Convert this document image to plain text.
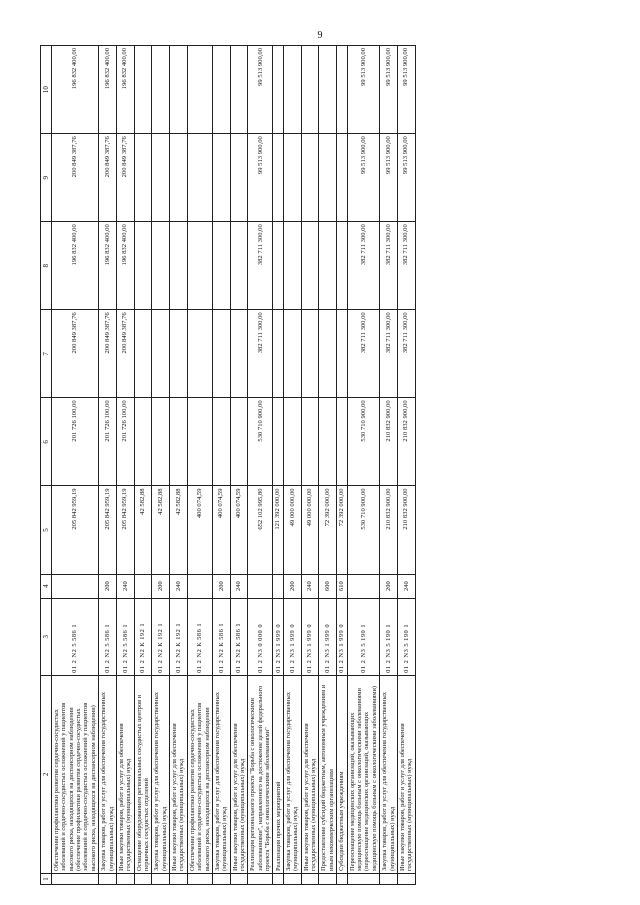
9
1	2	3	4	5	6	7	8	9	10
	Обеспечение профилактики развития сердечно-сосудистых заболеваний и сердечно-сосудистых осложнений у пациентов высокого риска, находящихся на диспансерном наблюдении (обеспечение профилактики развития сердечно-сосудистых заболеваний и сердечно-сосудистых осложнений у пациентов высокого риска, находящихся на диспансерном наблюдении)	01 2 N2 5 586 1		205 842 959,19	201 726 100,00	200 849 387,76	196 832 400,00	200 849 387,76	196 832 400,00
	Закупка товаров, работ и услуг для обеспечения государственных (муниципальных) нужд	01 2 N2 5 586 1	200	205 842 959,19	201 726 100,00	200 849 387,76	196 832 400,00	200 849 387,76	196 832 400,00
	Иные закупки товаров, работ и услуг для обеспечения государственных (муниципальных) нужд	01 2 N2 5 586 1	240	205 842 959,19	201 726 100,00	200 849 387,76	196 832 400,00	200 849 387,76	196 832 400,00
	Оснащение оборудованием региональных сосудистых центров и первичных сосудистых отделений	01 2 N2 К 192 1		42 582,88					
	Закупка товаров, работ и услуг для обеспечения государственных (муниципальных) нужд	01 2 N2 К 192 1	200	42 582,88					
	Иные закупки товаров, работ и услуг для обеспечения государственных (муниципальных) нужд	01 2 N2 К 192 1	240	42 582,88					
	Обеспечение профилактики развития сердечно-сосудистых заболеваний и сердечно-сосудистых осложнений у пациентов высокого риска, находящихся на диспансерном наблюдении	01 2 N2 К 586 1		400 074,59					
	Закупка товаров, работ и услуг для обеспечения государственных (муниципальных) нужд	01 2 N2 К 586 1	200	400 074,59					
	Иные закупки товаров, работ и услуг для обеспечения государственных (муниципальных) нужд	01 2 N2 К 586 1	240	400 074,59					
	Реализация регионального проекта "Борьба с онкологическими заболеваниями", направленного на достижение целей федерального проекта "Борьба с онкологическими заболеваниями"	01 2 N3 0 000 0		652 102 995,80	530 710 900,00	382 711 300,00	382 711 300,00	99 513 900,00	99 513 900,00
	Реализация прочих мероприятий	01 2 N3 1 999 0		121 392 000,00					
	Закупка товаров, работ и услуг для обеспечения государственных (муниципальных) нужд	01 2 N3 1 999 0	200	49 000 000,00					
	Иные закупки товаров, работ и услуг для обеспечения государственных (муниципальных) нужд	01 2 N3 1 999 0	240	49 000 000,00					
	Предоставление субсидий бюджетным, автономным учреждениям и иным некоммерческим организациям	01 2 N3 1 999 0	600	72 392 000,00					
	Субсидии бюджетным учреждениям	01 2 N3 1 999 0	610	72 392 000,00					
	Переоснащение медицинских организаций, оказывающих медицинскую помощь больным с онкологическими заболеваниями (переоснащение медицинских организаций, оказывающих медицинскую помощь больным с онкологическими заболеваниями)	01 2 N3 5 190 1		530 710 900,00	530 710 900,00	382 711 300,00	382 711 300,00	99 513 900,00	99 513 900,00
	Закупка товаров, работ и услуг для обеспечения государственных (муниципальных) нужд	01 2 N3 5 190 1	200	210 832 900,00	210 832 900,00	382 711 300,00	382 711 300,00	99 513 900,00	99 513 900,00
	Иные закупки товаров, работ и услуг для обеспечения государственных (муниципальных) нужд	01 2 N3 5 190 1	240	210 832 900,00	210 832 900,00	382 711 300,00	382 711 300,00	99 513 900,00	99 513 900,00
